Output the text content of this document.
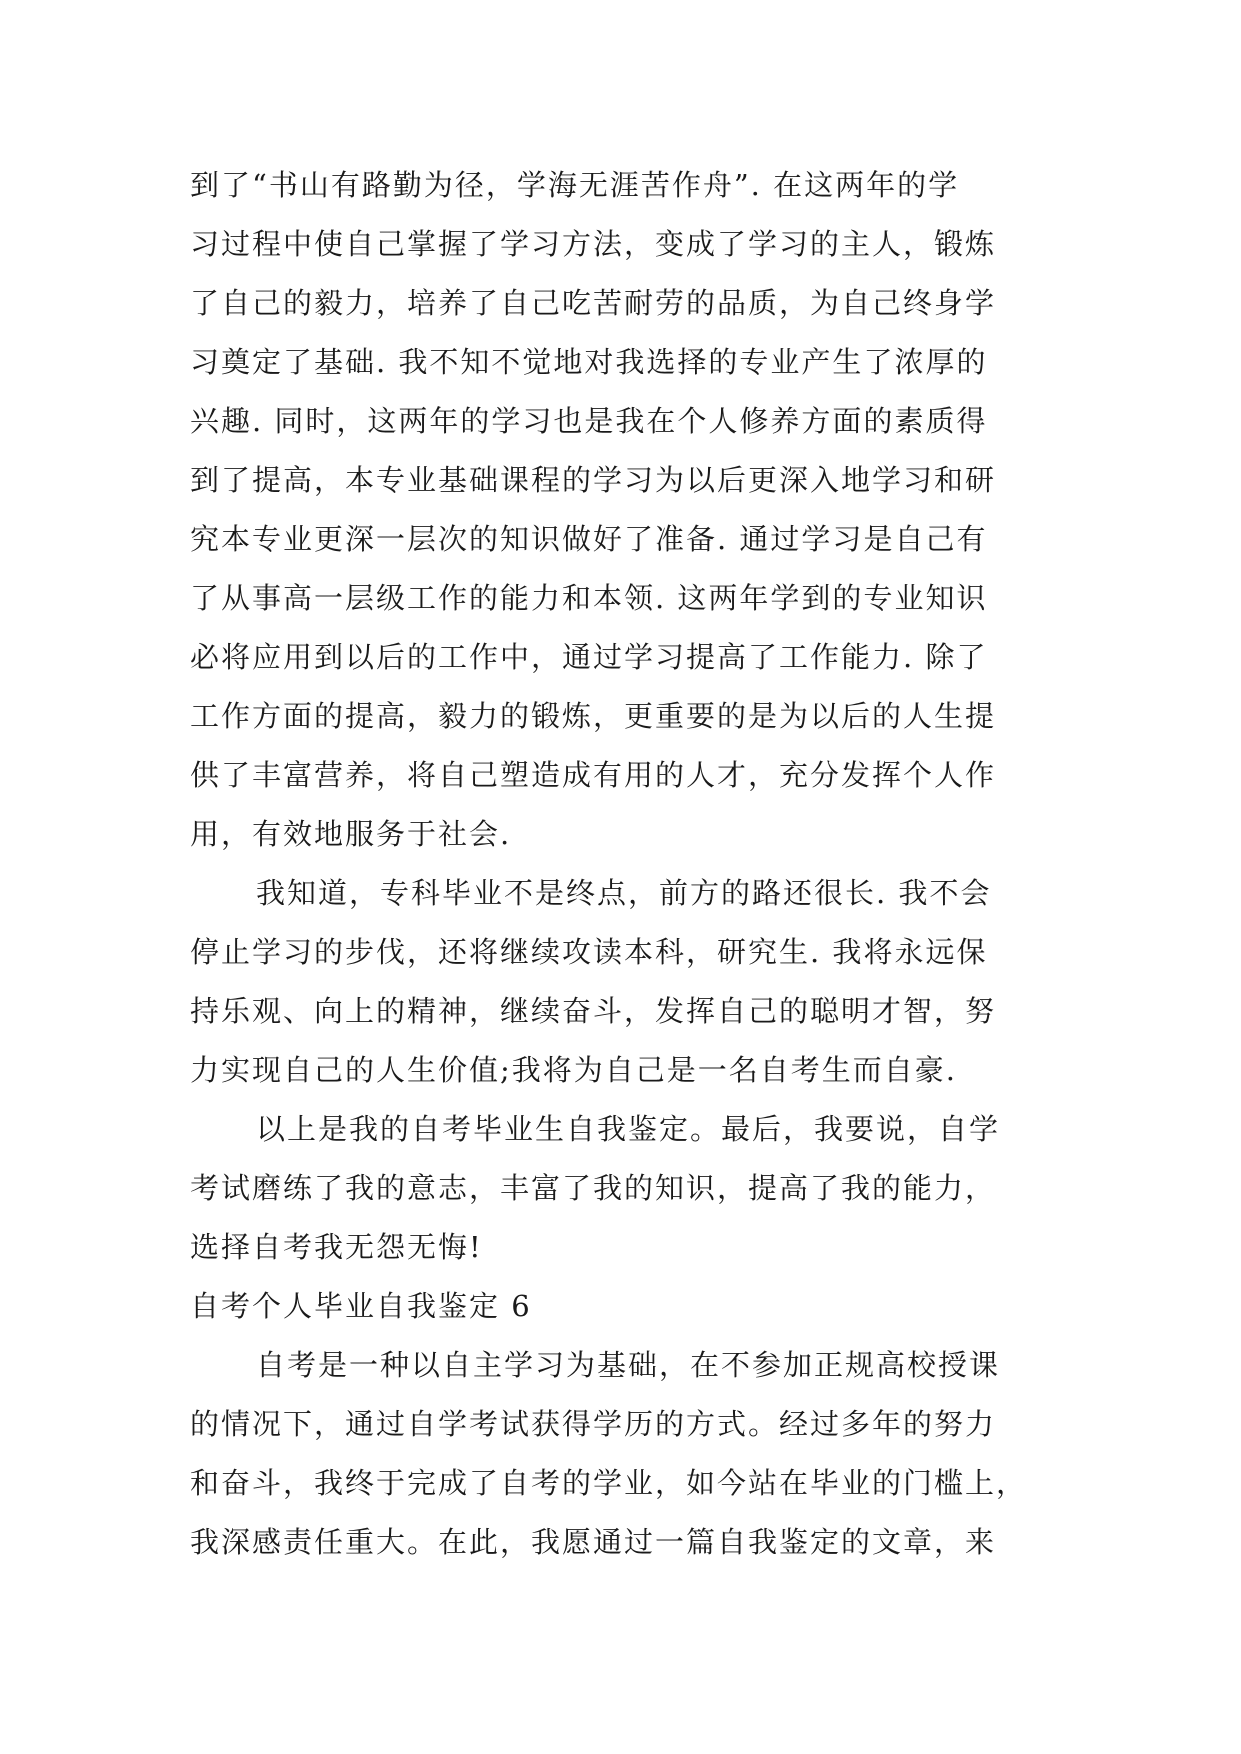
到了“书山有路勤为径，学海无涯苦作舟”. 在这两年的学
习过程中使自己掌握了学习方法，变成了学习的主人，锻炼
了自己的毅力，培养了自己吃苦耐劳的品质，为自己终身学
习奠定了基础. 我不知不觉地对我选择的专业产生了浓厚的
兴趣. 同时，这两年的学习也是我在个人修养方面的素质得
到了提高，本专业基础课程的学习为以后更深入地学习和研
究本专业更深一层次的知识做好了准备. 通过学习是自己有
了从事高一层级工作的能力和本领. 这两年学到的专业知识
必将应用到以后的工作中，通过学习提高了工作能力. 除了
工作方面的提高，毅力的锻炼，更重要的是为以后的人生提
供了丰富营养，将自己塑造成有用的人才，充分发挥个人作
用，有效地服务于社会.
我知道，专科毕业不是终点，前方的路还很长. 我不会
停止学习的步伐，还将继续攻读本科，研究生. 我将永远保
持乐观、向上的精神，继续奋斗，发挥自己的聪明才智，努
力实现自己的人生价值;我将为自己是一名自考生而自豪.
以上是我的自考毕业生自我鉴定。最后，我要说，自学
考试磨练了我的意志，丰富了我的知识，提高了我的能力，
选择自考我无怨无悔!
自考个人毕业自我鉴定 6
自考是一种以自主学习为基础，在不参加正规高校授课
的情况下，通过自学考试获得学历的方式。经过多年的努力
和奋斗，我终于完成了自考的学业，如今站在毕业的门槛上，
我深感责任重大。在此，我愿通过一篇自我鉴定的文章，来
